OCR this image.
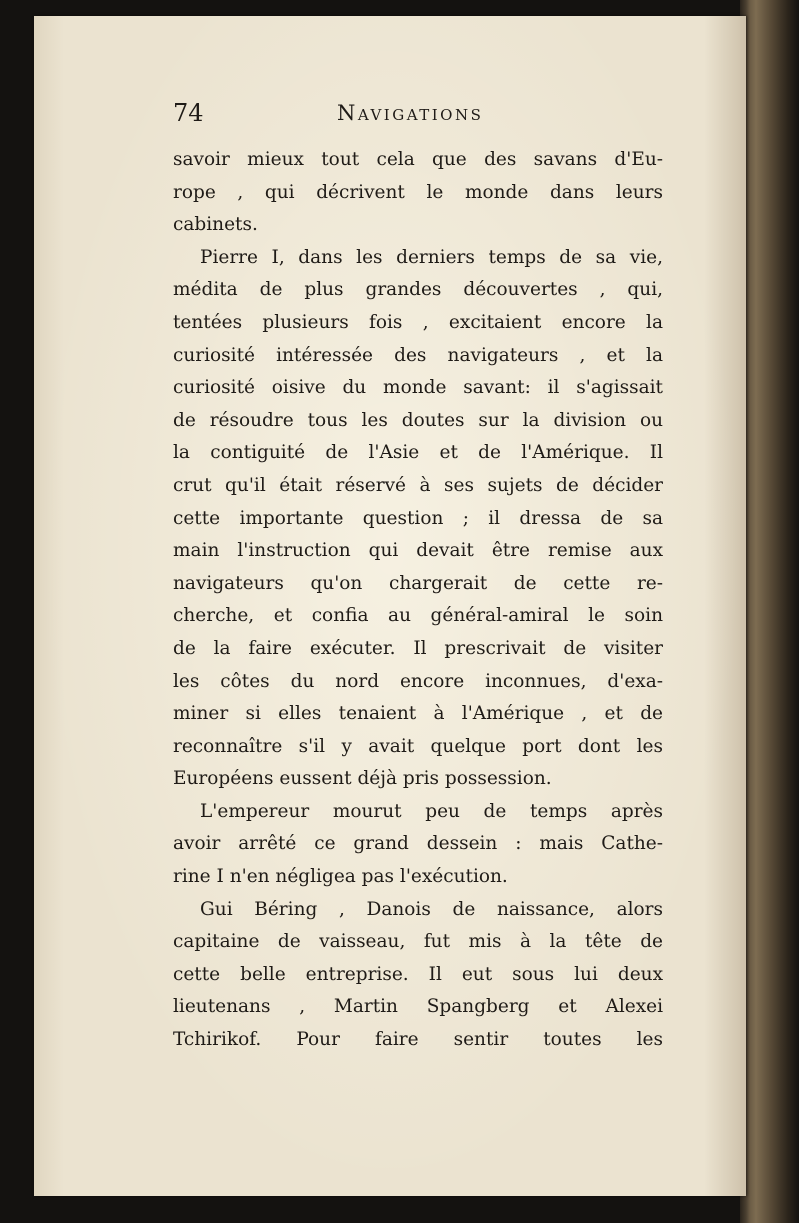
74	Navigations
savoir mieux tout cela que des savans d'Eu-
rope , qui décrivent le monde dans leurs
cabinets.
Pierre I, dans les derniers temps de sa vie,
médita de plus grandes découvertes , qui,
tentées plusieurs fois , excitaient encore la
curiosité intéressée des navigateurs , et la
curiosité oisive du monde savant: il s'agissait
de résoudre tous les doutes sur la division ou
la contiguité de l'Asie et de l'Amérique. Il
crut qu'il était réservé à ses sujets de décider
cette importante question ; il dressa de sa
main l'instruction qui devait être remise aux
navigateurs qu'on chargerait de cette re-
cherche, et confia au général-amiral le soin
de la faire exécuter. Il prescrivait de visiter
les côtes du nord encore inconnues, d'exa-
miner si elles tenaient à l'Amérique , et de
reconnaître s'il y avait quelque port dont les
Européens eussent déjà pris possession.
L'empereur mourut peu de temps après
avoir arrêté ce grand dessein : mais Cathe-
rine I n'en négligea pas l'exécution.
Gui Béring , Danois de naissance, alors
capitaine de vaisseau, fut mis à la tête de
cette belle entreprise. Il eut sous lui deux
lieutenans , Martin Spangberg et Alexei
Tchirikof. Pour faire sentir toutes les
